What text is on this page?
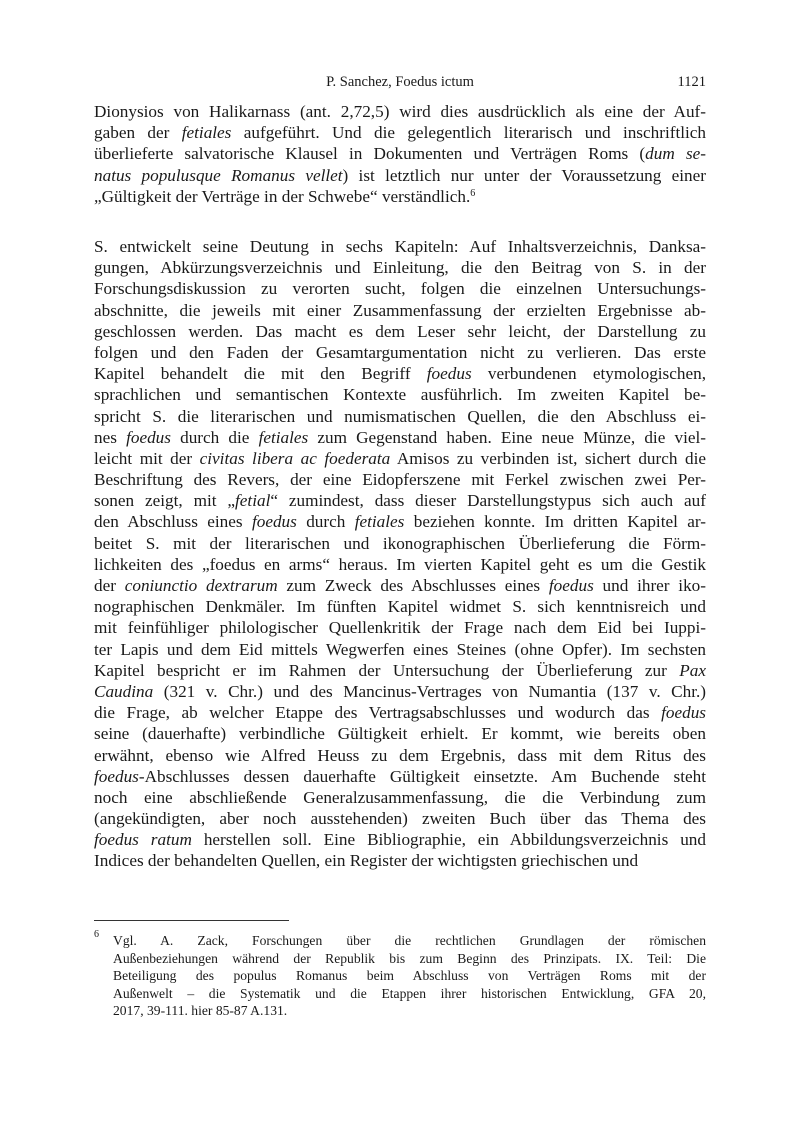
P. Sanchez, Foedus ictum	1121
Dionysios von Halikarnass (ant. 2,72,5) wird dies ausdrücklich als eine der Auf-
gaben der fetiales aufgeführt. Und die gelegentlich literarisch und inschriftlich
überlieferte salvatorische Klausel in Dokumenten und Verträgen Roms (dum se-
natus populusque Romanus vellet) ist letztlich nur unter der Voraussetzung einer
„Gültigkeit der Verträge in der Schwebe“ verständlich.$^6$
S. entwickelt seine Deutung in sechs Kapiteln: Auf Inhaltsverzeichnis, Danksa-
gungen, Abkürzungsverzeichnis und Einleitung, die den Beitrag von S. in der
Forschungsdiskussion zu verorten sucht, folgen die einzelnen Untersuchungs-
abschnitte, die jeweils mit einer Zusammenfassung der erzielten Ergebnisse ab-
geschlossen werden. Das macht es dem Leser sehr leicht, der Darstellung zu
folgen und den Faden der Gesamtargumentation nicht zu verlieren. Das erste
Kapitel behandelt die mit den Begriff foedus verbundenen etymologischen,
sprachlichen und semantischen Kontexte ausführlich. Im zweiten Kapitel be-
spricht S. die literarischen und numismatischen Quellen, die den Abschluss ei-
nes foedus durch die fetiales zum Gegenstand haben. Eine neue Münze, die viel-
leicht mit der civitas libera ac foederata Amisos zu verbinden ist, sichert durch die
Beschriftung des Revers, der eine Eidopferszene mit Ferkel zwischen zwei Per-
sonen zeigt, mit „fetial“ zumindest, dass dieser Darstellungstypus sich auch auf
den Abschluss eines foedus durch fetiales beziehen konnte. Im dritten Kapitel ar-
beitet S. mit der literarischen und ikonographischen Überlieferung die Förm-
lichkeiten des „foedus en arms“ heraus. Im vierten Kapitel geht es um die Gestik
der coniunctio dextrarum zum Zweck des Abschlusses eines foedus und ihrer iko-
nographischen Denkmäler. Im fünften Kapitel widmet S. sich kenntnisreich und
mit feinfühliger philologischer Quellenkritik der Frage nach dem Eid bei Iuppi-
ter Lapis und dem Eid mittels Wegwerfen eines Steines (ohne Opfer). Im sechsten
Kapitel bespricht er im Rahmen der Untersuchung der Überlieferung zur Pax
Caudina (321 v. Chr.) und des Mancinus-Vertrages von Numantia (137 v. Chr.)
die Frage, ab welcher Etappe des Vertragsabschlusses und wodurch das foedus
seine (dauerhafte) verbindliche Gültigkeit erhielt. Er kommt, wie bereits oben
erwähnt, ebenso wie Alfred Heuss zu dem Ergebnis, dass mit dem Ritus des
foedus-Abschlusses dessen dauerhafte Gültigkeit einsetzte. Am Buchende steht
noch eine abschließende Generalzusammenfassung, die die Verbindung zum
(angekündigten, aber noch ausstehenden) zweiten Buch über das Thema des
foedus ratum herstellen soll. Eine Bibliographie, ein Abbildungsverzeichnis und
Indices der behandelten Quellen, ein Register der wichtigsten griechischen und
6 Vgl. A. Zack, Forschungen über die rechtlichen Grundlagen der römischen
Außenbeziehungen während der Republik bis zum Beginn des Prinzipats. IX. Teil: Die
Beteiligung des populus Romanus beim Abschluss von Verträgen Roms mit der
Außenwelt – die Systematik und die Etappen ihrer historischen Entwicklung, GFA 20,
2017, 39-111. hier 85-87 A.131.
